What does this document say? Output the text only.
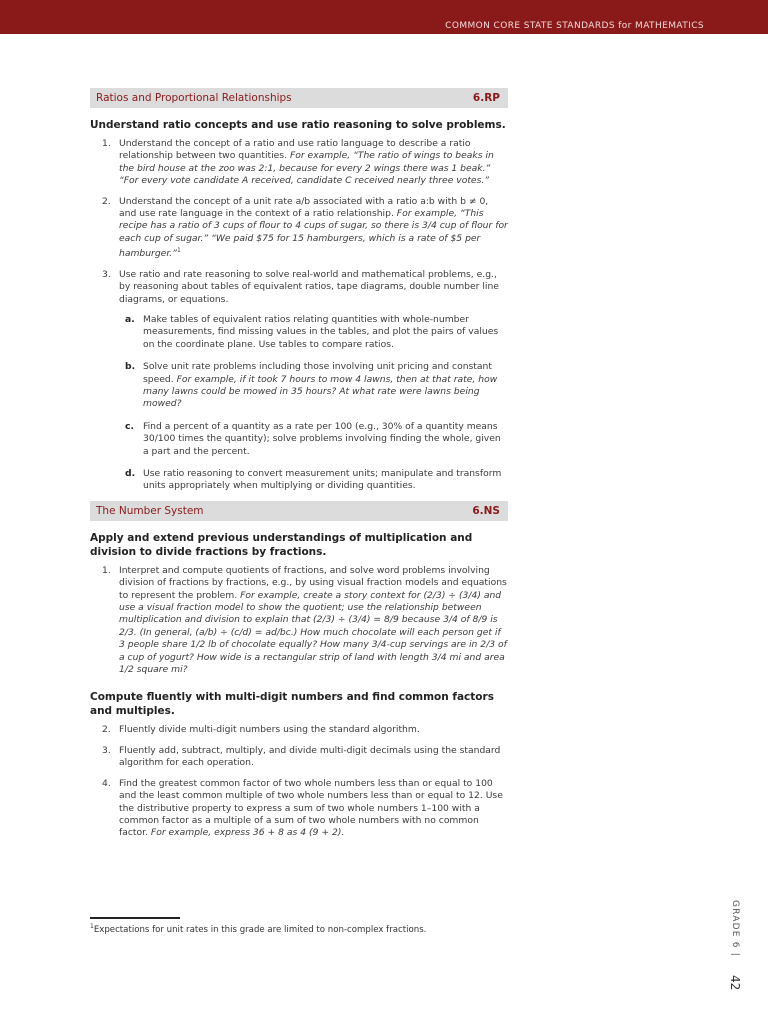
COMMON CORE STATE STANDARDS for MATHEMATICS
Ratios and Proportional Relationships	6.RP
Understand ratio concepts and use ratio reasoning to solve problems.
1. Understand the concept of a ratio and use ratio language to describe a ratio relationship between two quantities. For example, “The ratio of wings to beaks in the bird house at the zoo was 2:1, because for every 2 wings there was 1 beak.” “For every vote candidate A received, candidate C received nearly three votes.”
2. Understand the concept of a unit rate a/b associated with a ratio a:b with b ≠ 0, and use rate language in the context of a ratio relationship. For example, “This recipe has a ratio of 3 cups of flour to 4 cups of sugar, so there is 3/4 cup of flour for each cup of sugar.” “We paid $75 for 15 hamburgers, which is a rate of $5 per hamburger.”$^1$
3. Use ratio and rate reasoning to solve real-world and mathematical problems, e.g., by reasoning about tables of equivalent ratios, tape diagrams, double number line diagrams, or equations.
a. Make tables of equivalent ratios relating quantities with whole-number measurements, find missing values in the tables, and plot the pairs of values on the coordinate plane. Use tables to compare ratios.
b. Solve unit rate problems including those involving unit pricing and constant speed. For example, if it took 7 hours to mow 4 lawns, then at that rate, how many lawns could be mowed in 35 hours? At what rate were lawns being mowed?
c. Find a percent of a quantity as a rate per 100 (e.g., 30% of a quantity means 30/100 times the quantity); solve problems involving finding the whole, given a part and the percent.
d. Use ratio reasoning to convert measurement units; manipulate and transform units appropriately when multiplying or dividing quantities.
The Number System	6.NS
Apply and extend previous understandings of multiplication and division to divide fractions by fractions.
1. Interpret and compute quotients of fractions, and solve word problems involving division of fractions by fractions, e.g., by using visual fraction models and equations to represent the problem. For example, create a story context for (2/3) ÷ (3/4) and use a visual fraction model to show the quotient; use the relationship between multiplication and division to explain that (2/3) ÷ (3/4) = 8/9 because 3/4 of 8/9 is 2/3. (In general, (a/b) ÷ (c/d) = ad/bc.) How much chocolate will each person get if 3 people share 1/2 lb of chocolate equally? How many 3/4-cup servings are in 2/3 of a cup of yogurt? How wide is a rectangular strip of land with length 3/4 mi and area 1/2 square mi?
Compute fluently with multi-digit numbers and find common factors and multiples.
2. Fluently divide multi-digit numbers using the standard algorithm.
3. Fluently add, subtract, multiply, and divide multi-digit decimals using the standard algorithm for each operation.
4. Find the greatest common factor of two whole numbers less than or equal to 100 and the least common multiple of two whole numbers less than or equal to 12. Use the distributive property to express a sum of two whole numbers 1–100 with a common factor as a multiple of a sum of two whole numbers with no common factor. For example, express 36 + 8 as 4 (9 + 2).
$^1$Expectations for unit rates in this grade are limited to non-complex fractions.	GRADE 6 |
42
